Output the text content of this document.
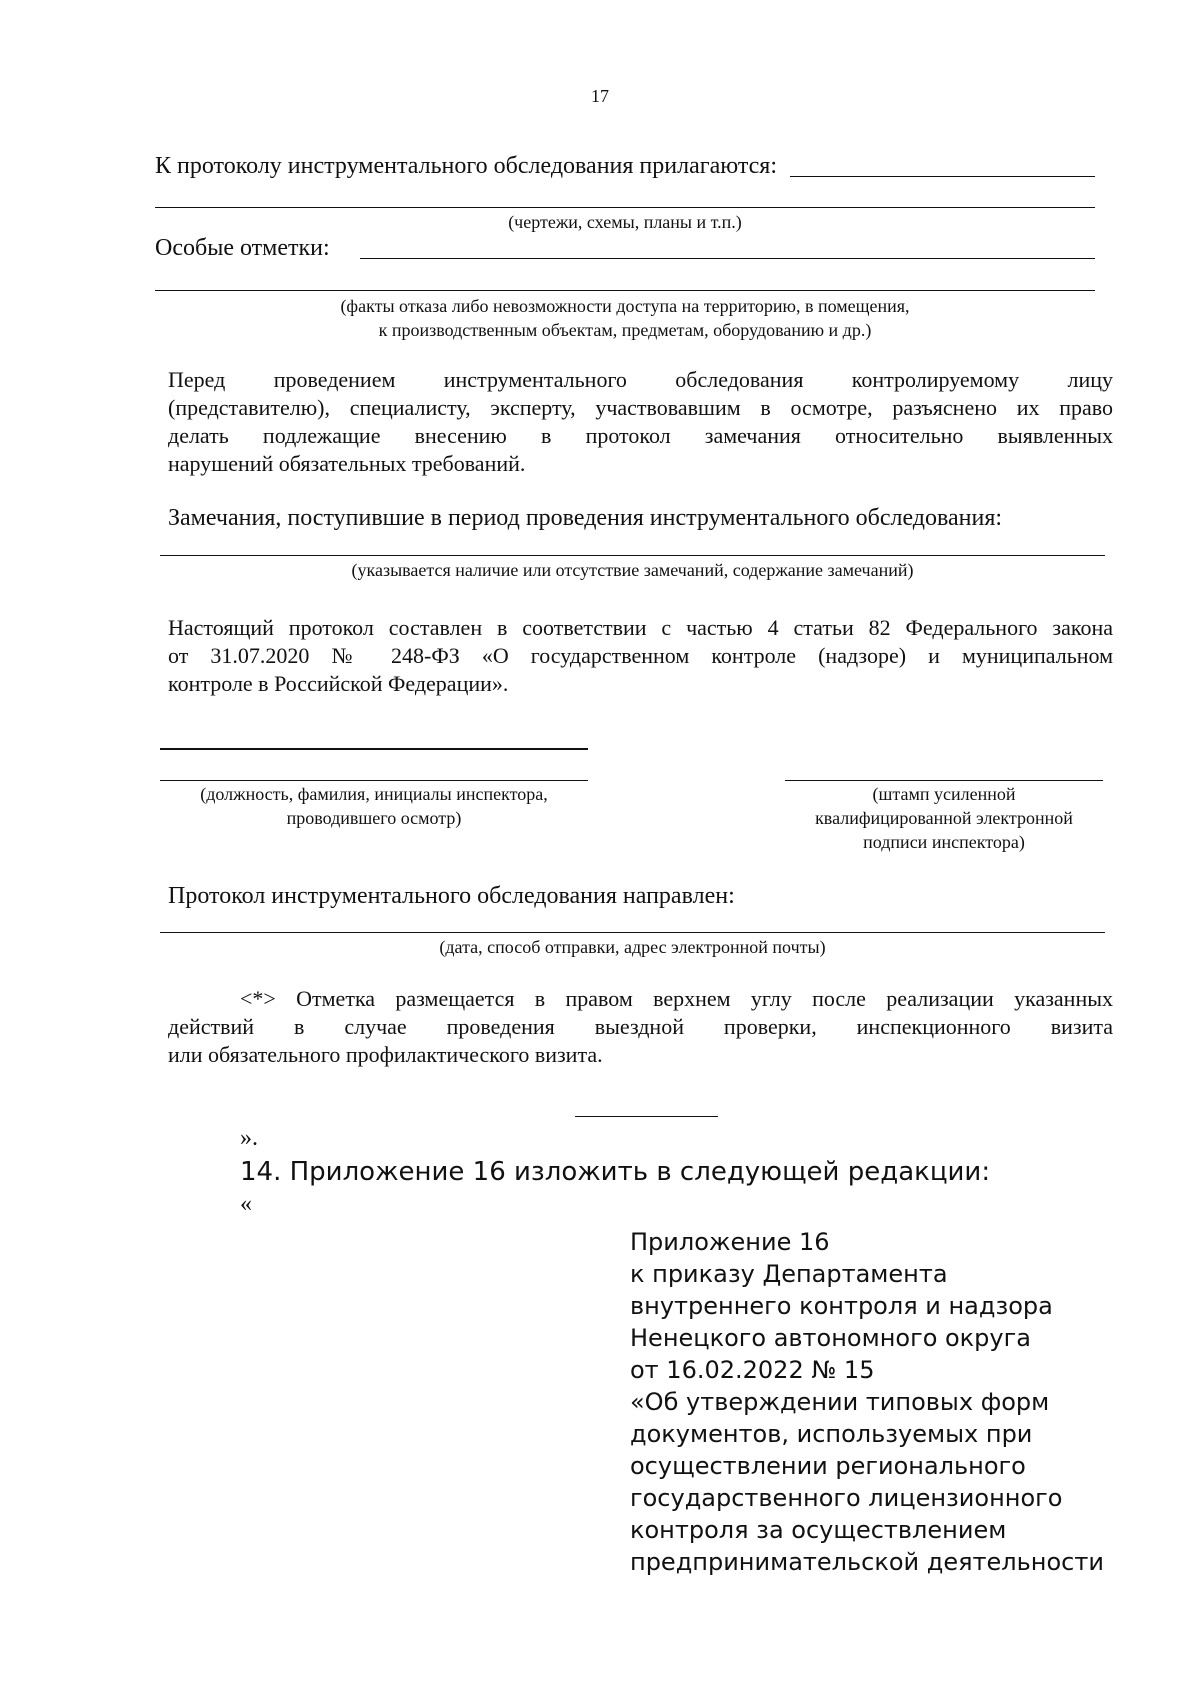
17
К протоколу инструментального обследования прилагаются:
(чертежи, схемы, планы и т.п.)
Особые отметки:
(факты отказа либо невозможности доступа на территорию, в помещения,
к производственным объектам, предметам, оборудованию и др.)
Перед проведением инструментального обследования контролируемому лицу
(представителю), специалисту, эксперту, участвовавшим в осмотре, разъяснено их право
делать подлежащие внесению в протокол замечания относительно выявленных
нарушений обязательных требований.
Замечания, поступившие в период проведения инструментального обследования:
(указывается наличие или отсутствие замечаний, содержание замечаний)
Настоящий протокол составлен в соответствии с частью 4 статьи 82 Федерального закона
от 31.07.2020 № 248-ФЗ «О государственном контроле (надзоре) и муниципальном
контроле в Российской Федерации».
(должность, фамилия, инициалы инспектора,
проводившего осмотр)
(штамп усиленной
квалифицированной электронной
подписи инспектора)
Протокол инструментального обследования направлен:
(дата, способ отправки, адрес электронной почты)
<*> Отметка размещается в правом верхнем углу после реализации указанных
действий в случае проведения выездной проверки, инспекционного визита
или обязательного профилактического визита.
».
14. Приложение 16 изложить в следующей редакции:
«
Приложение 16
к приказу Департамента
внутреннего контроля и надзора
Ненецкого автономного округа
от 16.02.2022 № 15
«Об утверждении типовых форм
документов, используемых при
осуществлении регионального
государственного лицензионного
контроля за осуществлением
предпринимательской деятельности
